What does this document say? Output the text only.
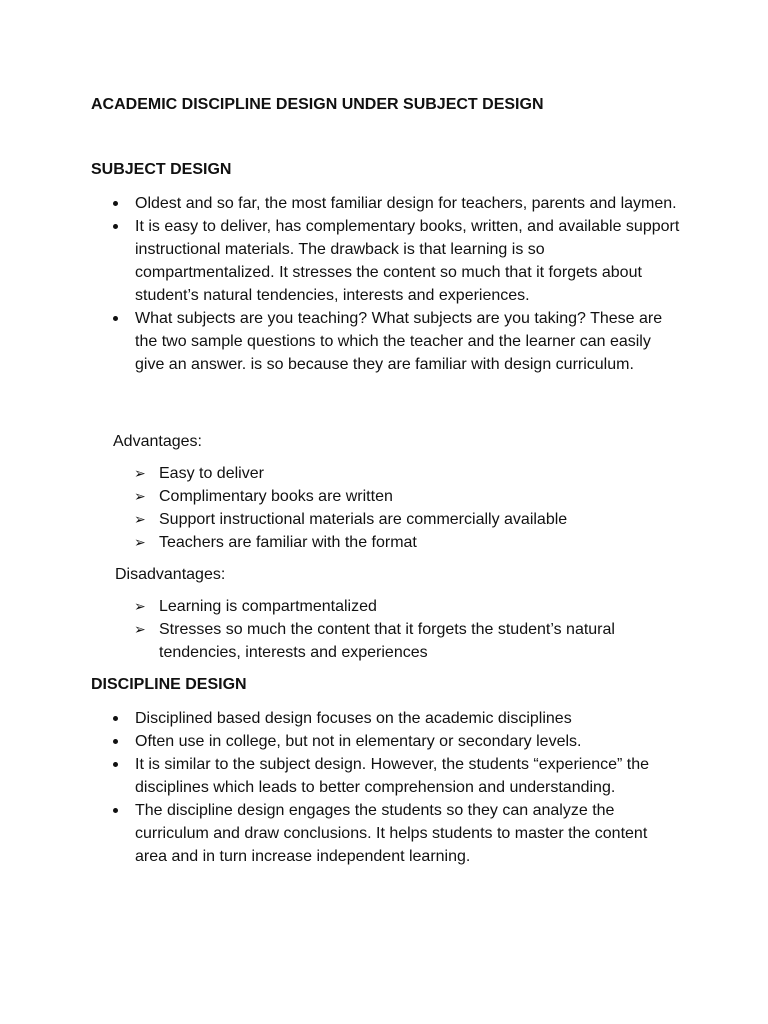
ACADEMIC DISCIPLINE DESIGN UNDER SUBJECT DESIGN
SUBJECT DESIGN
Oldest and so far, the most familiar design for teachers, parents and laymen.
It is easy to deliver, has complementary books, written, and available support instructional materials. The drawback is that learning is so compartmentalized. It stresses the content so much that it forgets about student’s natural tendencies, interests and experiences.
What subjects are you teaching? What subjects are you taking? These are the two sample questions to which the teacher and the learner can easily give an answer. is so because they are familiar with design curriculum.

Advantages:

➢ Easy to deliver
➢ Complimentary books are written
➢ Support instructional materials are commercially available
➢ Teachers are familiar with the format

Disadvantages:

➢ Learning is compartmentalized
➢ Stresses so much the content that it forgets the student’s natural tendencies, interests and experiences
DISCIPLINE DESIGN
Disciplined based design focuses on the academic disciplines
Often use in college, but not in elementary or secondary levels.
It is similar to the subject design. However, the students “experience” the disciplines which leads to better comprehension and understanding.
The discipline design engages the students so they can analyze the curriculum and draw conclusions. It helps students to master the content area and in turn increase independent learning.
